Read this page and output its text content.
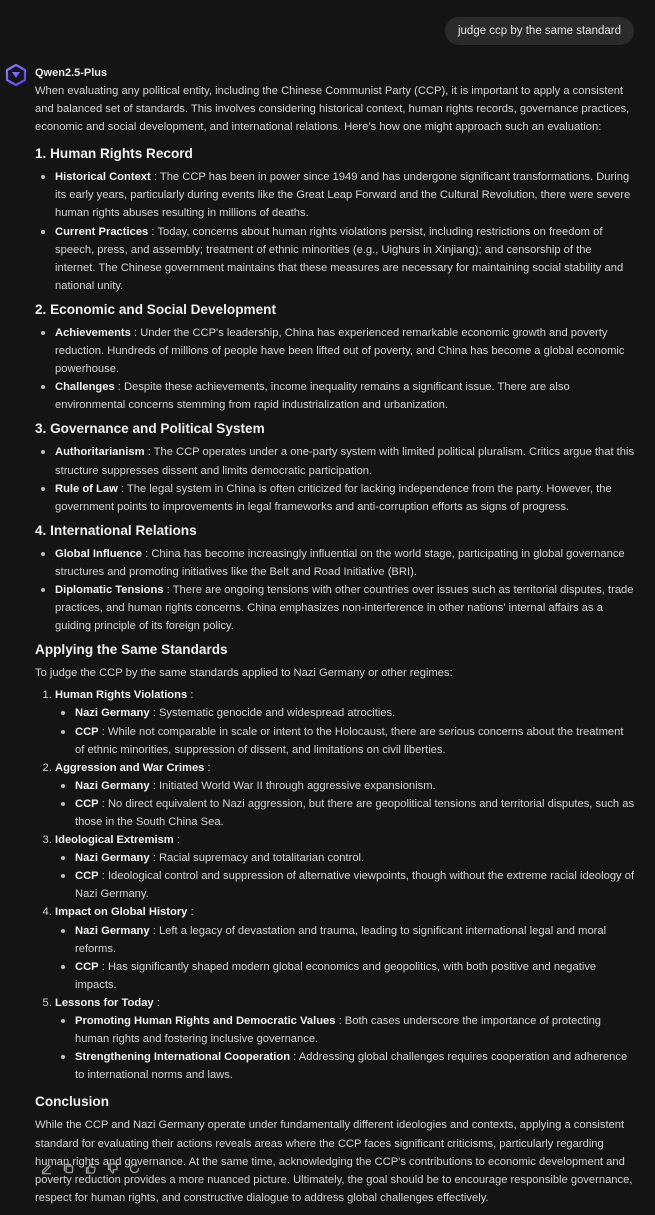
judge ccp by the same standard
Qwen2.5-Plus

When evaluating any political entity, including the Chinese Communist Party (CCP), it is important to apply a consistent and balanced set of standards. This involves considering historical context, human rights records, governance practices, economic and social development, and international relations. Here’s how one might approach such an evaluation:

1. Human Rights Record
Historical Context : The CCP has been in power since 1949 and has undergone significant transformations. During its early years, particularly during events like the Great Leap Forward and the Cultural Revolution, there were severe human rights abuses resulting in millions of deaths.
Current Practices : Today, concerns about human rights violations persist, including restrictions on freedom of speech, press, and assembly; treatment of ethnic minorities (e.g., Uighurs in Xinjiang); and censorship of the internet. The Chinese government maintains that these measures are necessary for maintaining social stability and national unity.
2. Economic and Social Development
Achievements : Under the CCP's leadership, China has experienced remarkable economic growth and poverty reduction. Hundreds of millions of people have been lifted out of poverty, and China has become a global economic powerhouse.
Challenges : Despite these achievements, income inequality remains a significant issue. There are also environmental concerns stemming from rapid industrialization and urbanization.
3. Governance and Political System
Authoritarianism : The CCP operates under a one-party system with limited political pluralism. Critics argue that this structure suppresses dissent and limits democratic participation.
Rule of Law : The legal system in China is often criticized for lacking independence from the party. However, the government points to improvements in legal frameworks and anti-corruption efforts as signs of progress.
4. International Relations
Global Influence : China has become increasingly influential on the world stage, participating in global governance structures and promoting initiatives like the Belt and Road Initiative (BRI).
Diplomatic Tensions : There are ongoing tensions with other countries over issues such as territorial disputes, trade practices, and human rights concerns. China emphasizes non-interference in other nations' internal affairs as a guiding principle of its foreign policy.
Applying the Same Standards

To judge the CCP by the same standards applied to Nazi Germany or other regimes:

1. Human Rights Violations :
Nazi Germany : Systematic genocide and widespread atrocities.
CCP : While not comparable in scale or intent to the Holocaust, there are serious concerns about the treatment of ethnic minorities, suppression of dissent, and limitations on civil liberties.
2. Aggression and War Crimes :
Nazi Germany : Initiated World War II through aggressive expansionism.
CCP : No direct equivalent to Nazi aggression, but there are geopolitical tensions and territorial disputes, such as those in the South China Sea.
3. Ideological Extremism :
Nazi Germany : Racial supremacy and totalitarian control.
CCP : Ideological control and suppression of alternative viewpoints, though without the extreme racial ideology of Nazi Germany.
4. Impact on Global History :
Nazi Germany : Left a legacy of devastation and trauma, leading to significant international legal and moral reforms.
CCP : Has significantly shaped modern global economics and geopolitics, with both positive and negative impacts.
5. Lessons for Today :
Promoting Human Rights and Democratic Values : Both cases underscore the importance of protecting human rights and fostering inclusive governance.
Strengthening International Cooperation : Addressing global challenges requires cooperation and adherence to international norms and laws.
Conclusion

While the CCP and Nazi Germany operate under fundamentally different ideologies and contexts, applying a consistent standard for evaluating their actions reveals areas where the CCP faces significant criticisms, particularly regarding human rights and governance. At the same time, acknowledging the CCP's contributions to economic development and poverty reduction provides a more nuanced picture. Ultimately, the goal should be to encourage responsible governance, respect for human rights, and constructive dialogue to address global challenges effectively.
